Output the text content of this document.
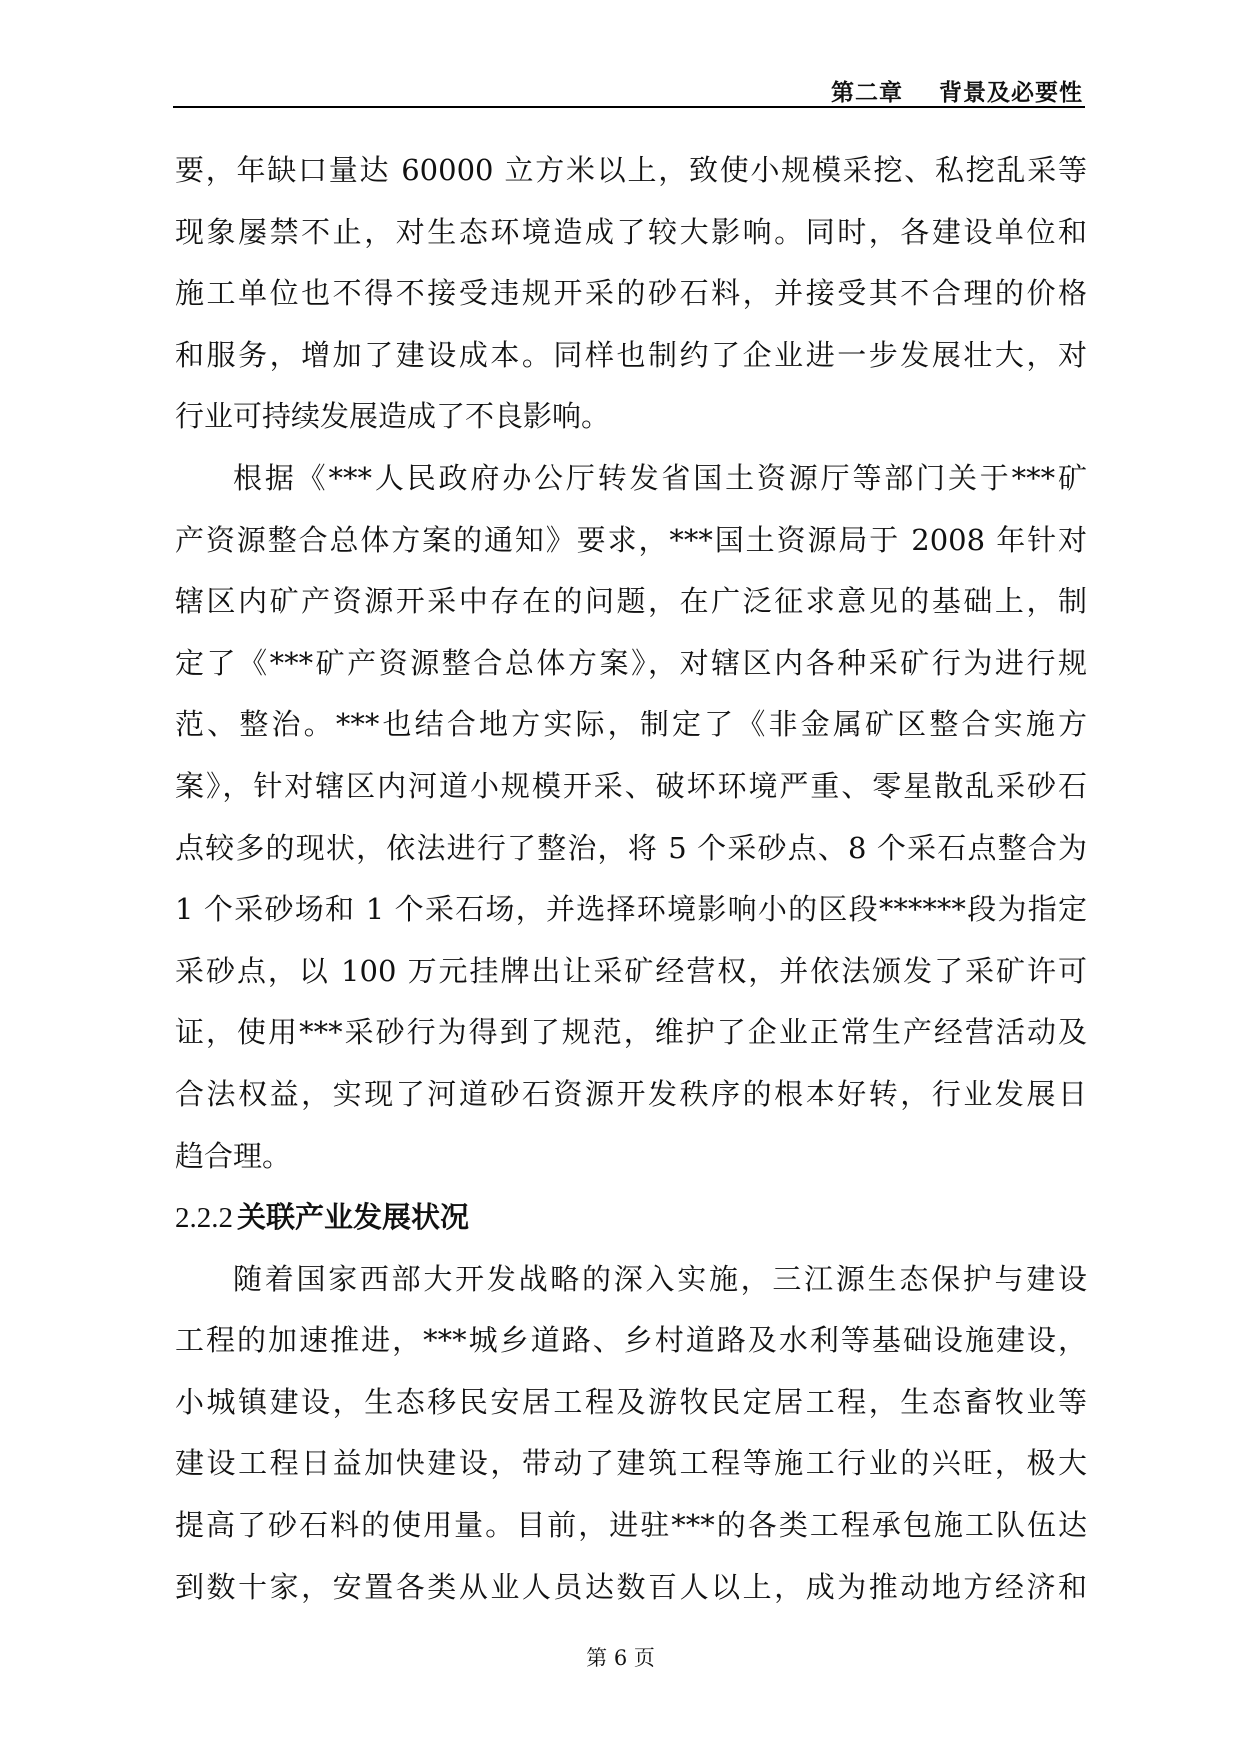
第二章    背景及必要性
要，年缺口量达 60000 立方米以上，致使小规模采挖、私挖乱采等
现象屡禁不止，对生态环境造成了较大影响。同时，各建设单位和
施工单位也不得不接受违规开采的砂石料，并接受其不合理的价格
和服务，增加了建设成本。同样也制约了企业进一步发展壮大，对
行业可持续发展造成了不良影响。
根据《***人民政府办公厅转发省国土资源厅等部门关于***矿
产资源整合总体方案的通知》要求，***国土资源局于 2008 年针对
辖区内矿产资源开采中存在的问题，在广泛征求意见的基础上，制
定了《***矿产资源整合总体方案》，对辖区内各种采矿行为进行规
范、整治。***也结合地方实际，制定了《非金属矿区整合实施方
案》，针对辖区内河道小规模开采、破坏环境严重、零星散乱采砂石
点较多的现状，依法进行了整治，将 5 个采砂点、8 个采石点整合为
1 个采砂场和 1 个采石场，并选择环境影响小的区段******段为指定
采砂点，以 100 万元挂牌出让采矿经营权，并依法颁发了采矿许可
证，使用***采砂行为得到了规范，维护了企业正常生产经营活动及
合法权益，实现了河道砂石资源开发秩序的根本好转，行业发展日
趋合理。
2.2.2 关联产业发展状况
随着国家西部大开发战略的深入实施，三江源生态保护与建设
工程的加速推进，***城乡道路、乡村道路及水利等基础设施建设，
小城镇建设，生态移民安居工程及游牧民定居工程，生态畜牧业等
建设工程日益加快建设，带动了建筑工程等施工行业的兴旺，极大
提高了砂石料的使用量。目前，进驻***的各类工程承包施工队伍达
到数十家，安置各类从业人员达数百人以上，成为推动地方经济和
第 6 页
